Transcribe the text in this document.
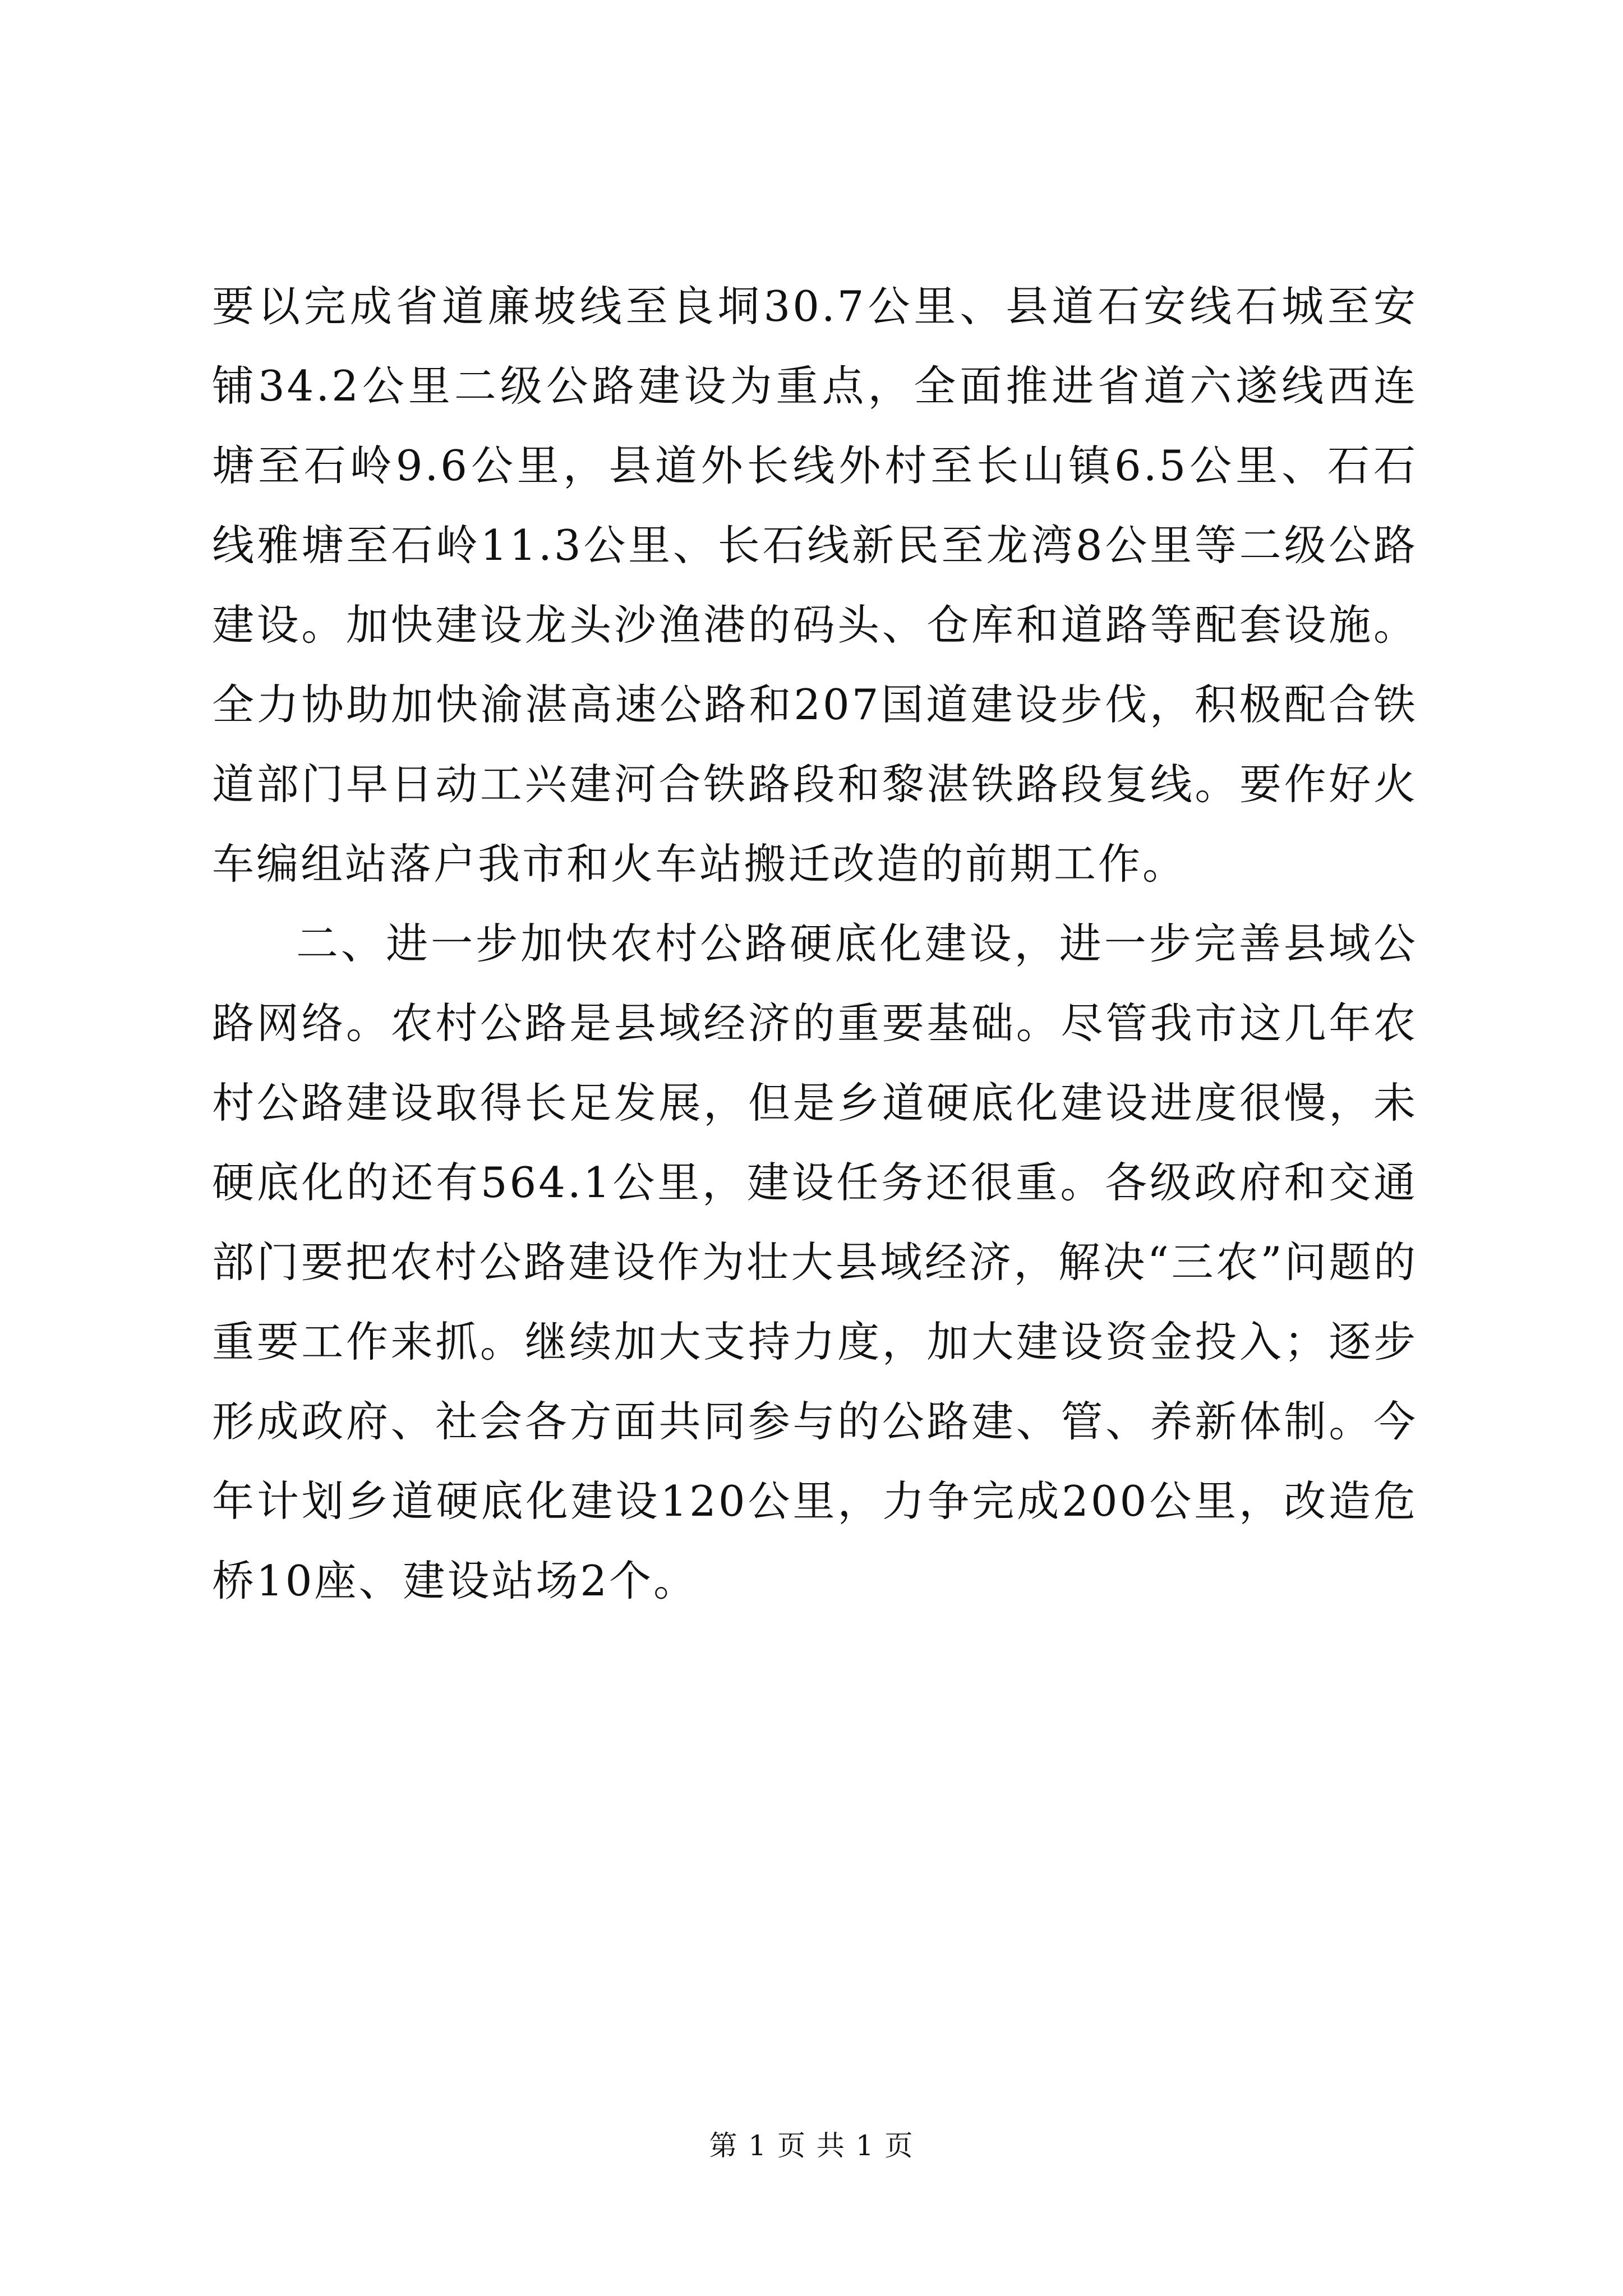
要以完成省道廉坡线至良垌30.7公里、县道石安线石城至安铺34.2公里二级公路建设为重点，全面推进省道六遂线西连塘至石岭9.6公里，县道外长线外村至长山镇6.5公里、石石线雅塘至石岭11.3公里、长石线新民至龙湾8公里等二级公路建设。加快建设龙头沙渔港的码头、仓库和道路等配套设施。全力协助加快渝湛高速公路和207国道建设步伐，积极配合铁道部门早日动工兴建河合铁路段和黎湛铁路段复线。要作好火车编组站落户我市和火车站搬迁改造的前期工作。

二、进一步加快农村公路硬底化建设，进一步完善县域公路网络。农村公路是县域经济的重要基础。尽管我市这几年农村公路建设取得长足发展，但是乡道硬底化建设进度很慢，未硬底化的还有564.1公里，建设任务还很重。各级政府和交通部门要把农村公路建设作为壮大县域经济，解决“三农”问题的重要工作来抓。继续加大支持力度，加大建设资金投入；逐步形成政府、社会各方面共同参与的公路建、管、养新体制。今年计划乡道硬底化建设120公里，力争完成200公里，改造危桥10座、建设站场2个。

第 1 页 共 1 页
